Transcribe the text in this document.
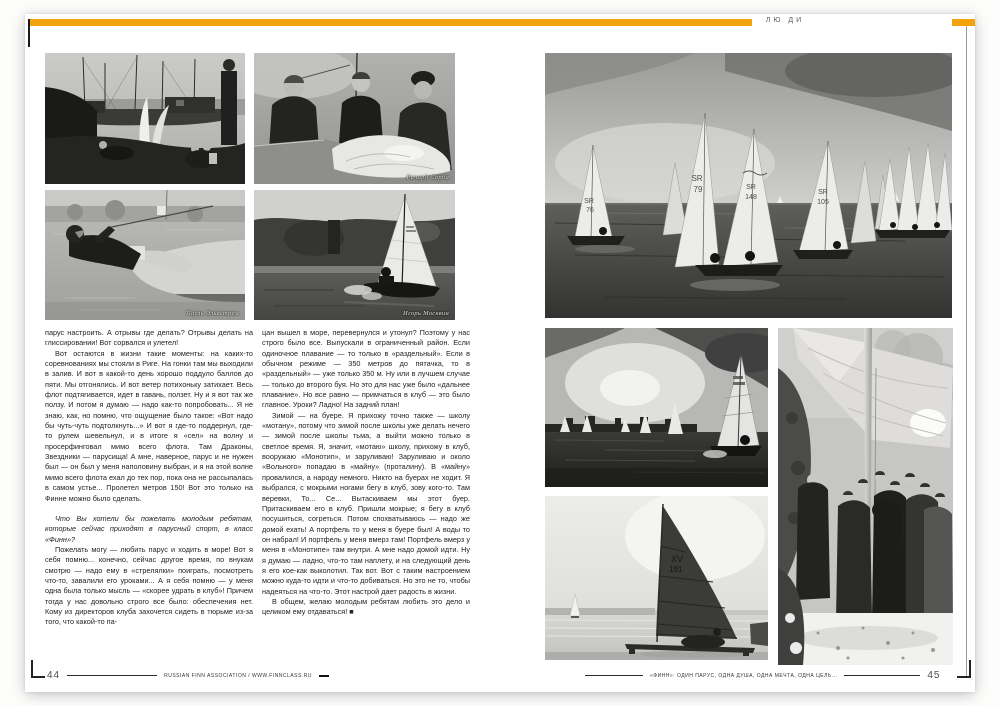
ЛЮ ДИ
Ричард Сарби
Пауль Эльвстрем	Игорь Москвин

парус настроить. А отрывы где делать? Отрывы делать на глиссировании! Вот сорвался и улетел!

Вот остаются в жизни такие моменты: на каких-то соревнованиях мы стояли в Риге. На гонки там мы выходили в залив. И вот в какой-то день хорошо поддуло баллов до пяти. Мы отгонялись. И вот ветер потихоньку затихает. Весь флот подтягивается, идет в гавань, ползет. Ну и я вот так же ползу. И потом я думаю — надо как-то попробовать... Я не знаю, как, но помню, что ощущение было такое: «Вот надо бы чуть-чуть подтолкнуть...» И вот я где-то поддернул, где-то рулем шевельнул, и в итоге я «сел» на волну и просерфинговал мимо всего флота. Там Драконы, Звездники — парусища! А мне, наверное, парус и не нужен был — он был у меня наполовину выбран, и я на этой волне мимо всего флота ехал до тех пор, пока она не рассыпалась в самом устье... Пролетел метров 150! Вот это только на Финне можно было сделать.

Что Вы хотели бы пожелать молодым ребятам, которые сейчас приходят в парусный спорт, в класс «Финн»?

Пожелать могу — любить парус и ходить в море! Вот я себя помню... конечно, сейчас другое время, по внукам смотрю — надо ему в «стрелялки» поиграть, посмотреть что-то, завалили его уроками... А я себя помню — у меня одна была только мысль — «скорее удрать в клуб»! Причем тогда у нас довольно строго все было: обеспечения нет. Кому из директоров клуба захочется сидеть в тюрьме из-за того, что какой-то па-

цан вышел в море, перевернулся и утонул? Поэтому у нас строго было все. Выпускали в ограниченный район. Если одиночное плавание — то только в «раздельный». Если в обычном режиме — 350 метров до пятачка, то в «раздельный» — уже только 350 м. Ну или в лучшем случае — только до второго буя. Но это для нас уже было «дальнее плавание». Но все равно — примчаться в клуб — это было главное. Уроки? Ладно! На задний план!

Зимой — на буере. Я прихожу точно также — школу «мотану», потому что зимой после школы уже делать нечего — зимой после школы тьма, а выйти можно только в светлое время. Я, значит, «мотаю» школу, прихожу в клуб, вооружаю «Монотип», и заруливаю! Заруливаю и около «Вольного» попадаю в «майну» (проталину). В «майну» провалился, а народу немного. Никто на буерах не ходит. Я выбрался, с мокрыми ногами бегу в клуб, зову кого-то. Там веревки, То... Се... Вытаскиваем мы этот буер. Притаскиваем его в клуб. Пришли мокрые; я бегу в клуб посушиться, согреться. Потом спохватываюсь — надо же домой ехать! А портфель то у меня в буере был! А воды то он набрал! И портфель у меня вмерз там! Портфель вмерз у меня в «Монотипе» там внутри. А мне надо домой идти. Ну я думаю — ладно, что-то там наплету, и на следующий день я его кое-как выколотил. Так вот. Вот с таким настроением можно куда-то идти и что-то добиваться. Но это не то, чтобы надеяться на что-то. Этот настрой дает радость в жизни.

В общем, желаю молодым ребятам любить это дело и целиком ему отдаваться! ■

SR
76
SR
79	SR
148
SR
105
XV
191
44	RUSSIAN FINN ASSOCIATION / WWW.FINNCLASS.RU	«ФИНН»: ОДИН ПАРУС, ОДНА ДУША, ОДНА МЕЧТА, ОДНА ЦЕЛЬ...	45
